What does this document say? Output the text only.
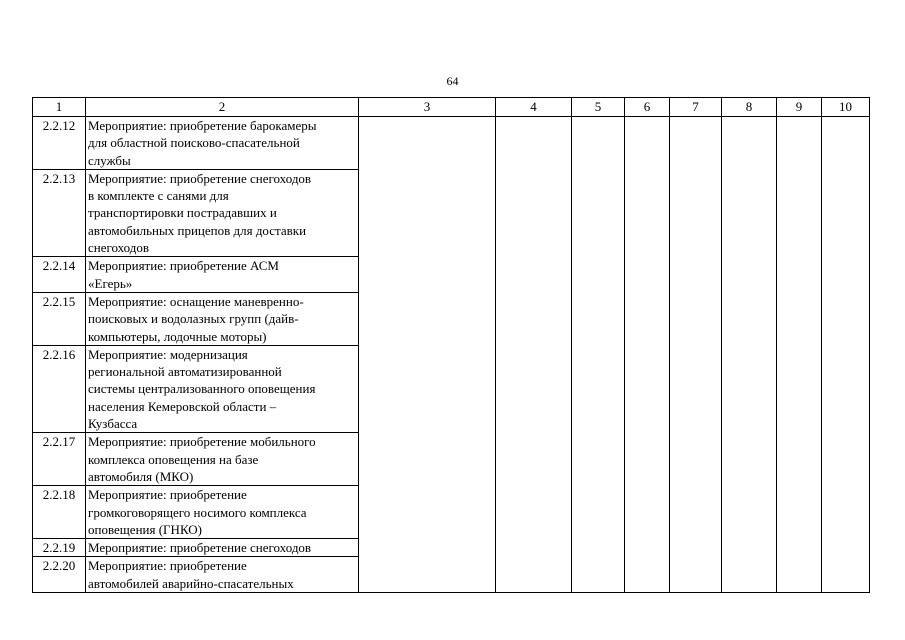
64
1	2	3	4	5	6	7	8	9	10
2.2.12	Мероприятие: приобретение барокамеры
для областной поисково-спасательной
службы								

2.2.13	Мероприятие: приобретение снегоходов
в комплекте с санями для
транспортировки пострадавших и
автомобильных прицепов для доставки
снегоходов								

2.2.14	Мероприятие: приобретение АСМ
«Егерь»								

2.2.15	Мероприятие: оснащение маневренно-
поисковых и водолазных групп (дайв-
компьютеры, лодочные моторы)								

2.2.16	Мероприятие: модернизация
региональной автоматизированной
системы централизованного оповещения
населения Кемеровской области –
Кузбасса								

2.2.17	Мероприятие: приобретение мобильного
комплекса оповещения на базе
автомобиля (МКО)								

2.2.18	Мероприятие: приобретение
громкоговорящего носимого комплекса
оповещения (ГНКО)								

2.2.19	Мероприятие: приобретение снегоходов								

2.2.20	Мероприятие: приобретение
автомобилей аварийно-спасательных								
